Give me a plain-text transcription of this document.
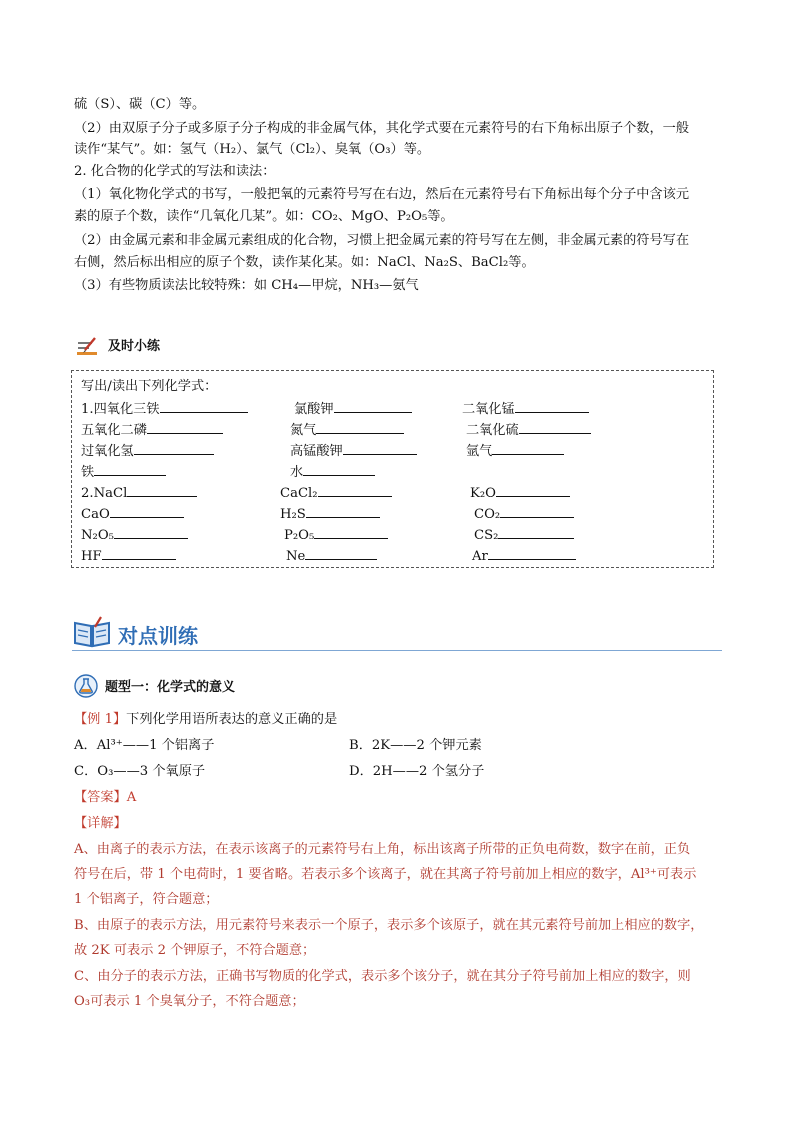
硫（S）、碳（C）等。
（2）由双原子分子或多原子分子构成的非金属气体，其化学式要在元素符号的右下角标出原子个数，一般
读作“某气”。如：氢气（H₂）、氯气（Cl₂）、臭氧（O₃）等。
2. 化合物的化学式的写法和读法：
（1）氧化物化学式的书写，一般把氧的元素符号写在右边，然后在元素符号右下角标出每个分子中含该元
素的原子个数，读作“几氧化几某”。如：CO₂、MgO、P₂O₅等。
（2）由金属元素和非金属元素组成的化合物，习惯上把金属元素的符号写在左侧，非金属元素的符号写在
右侧，然后标出相应的原子个数，读作某化某。如：NaCl、Na₂S、BaCl₂等。
（3）有些物质读法比较特殊：如 CH₄—甲烷，NH₃—氨气
及时小练
写出/读出下列化学式：
1.四氧化三铁	氯酸钾	二氧化锰
五氧化二磷	氮气	二氧化硫
过氧化氢	高锰酸钾	氩气
铁	水
2.NaCl	CaCl₂	K₂O
CaO	H₂S	CO₂
N₂O₅	P₂O₅	CS₂
HF	Ne	Ar
对点训练
题型一：化学式的意义
【例 1】下列化学用语所表达的意义正确的是
A．Al³⁺——1 个铝离子	B．2K——2 个钾元素
C．O₃——3 个氧原子	D．2H——2 个氢分子
【答案】A
【详解】
A、由离子的表示方法，在表示该离子的元素符号右上角，标出该离子所带的正负电荷数，数字在前，正负
符号在后，带 1 个电荷时，1 要省略。若表示多个该离子，就在其离子符号前加上相应的数字，Al³⁺可表示
1 个铝离子，符合题意；
B、由原子的表示方法，用元素符号来表示一个原子，表示多个该原子，就在其元素符号前加上相应的数字，
故 2K 可表示 2 个钾原子，不符合题意；
C、由分子的表示方法，正确书写物质的化学式，表示多个该分子，就在其分子符号前加上相应的数字，则
O₃可表示 1 个臭氧分子，不符合题意；
